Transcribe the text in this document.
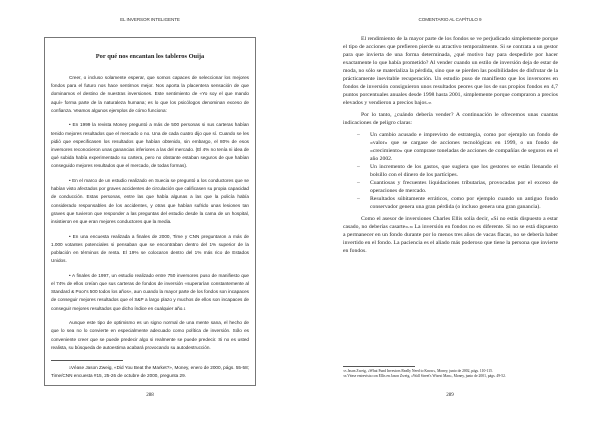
EL INVERSOR INTELIGENTE
Por qué nos encantan los tableros Ouija

Creer, o incluso solamente esperar, que somos capaces de seleccionar los mejores fondos para el futuro nos hace sentirnos mejor. Nos aporta la placentera sensación de que dominamos el destino de nuestras inversiones. Este sentimiento de «Yo soy el que mando aquí» forma parte de la naturaleza humana; es lo que los psicólogos denominan exceso de confianza. Veamos algunos ejemplos de cómo funciona:

• En 1999 la revista Money preguntó a más de 500 personas si sus carteras habían tenido mejores resultados que el mercado o no. Una de cada cuatro dijo que sí. Cuando se les pidió que especificasen los resultados que habían obtenido, sin embargo, el 80% de esos inversores reconocieron unas ganancias inferiores a las del mercado. (El 4% no tenía ni idea de qué subida había experimentado su cartera, pero no obstante estaban seguros de que habían conseguido mejores resultados que el mercado, de todas formas).

• En el marco de un estudio realizado en Suecia se preguntó a los conductores que se habían visto afectados por graves accidentes de circulación que calificasen su propia capacidad de conducción. Estas personas, entre las que había algunas a las que la policía había considerado responsables de los accidentes, y otras que habían sufrido unas lesiones tan graves que tuvieron que responder a las preguntas del estudio desde la cama de un hospital, insistieron en que eran mejores conductores que la media.

• En una encuesta realizada a finales de 2000, Time y CNN preguntaron a más de 1.000 votantes potenciales si pensaban que se encontraban dentro del 1% superior de la población en términos de renta. El 19% se colocaron dentro del 1% más rico de Estados Unidos.

• A finales de 1997, un estudio realizado entre 750 inversores puso de manifiesto que el 74% de ellos creían que sus carteras de fondos de inversión «superarían constantemente al Standard & Poor's 500 todos los años», aun cuando la mayor parte de los fondos son incapaces de conseguir mejores resultados que el S&P a largo plazo y muchos de ellos son incapaces de conseguir mejores resultados que dicho índice en cualquier año.$^1$

Aunque este tipo de optimismo es un signo normal de una mente sana, el hecho de que lo sea no lo convierte en especialmente adecuado como política de inversión. Sólo es conveniente creer que se puede predecir algo si realmente se puede predecir. Si no es usted realista, su búsqueda de autoestima acabará provocando su autodestrucción.

$^1$Véase Jason Zweig, «Did You Beat the Market?», Money, enero de 2000, págs. 55-58; Time/CNN encuesta #15, 25-26 de octubre de 2000, pregunta 29.

288
COMENTARIO AL CAPÍTULO 9

El rendimiento de la mayor parte de los fondos se ve perjudicado simplemente porque el tipo de acciones que prefieren pierde su atractivo temporalmente. Si se contrata a un gestor para que invierta de una forma determinada, ¿qué motivo hay para despedirle por hacer exactamente lo que había prometido? Al vender cuando un estilo de inversión deja de estar de moda, no sólo se materializa la pérdida, sino que se pierden las posibilidades de disfrutar de la prácticamente inevitable recuperación. Un estudio puso de manifiesto que los inversores en fondos de inversión consiguieron unos resultados peores que los de sus propios fondos en 4,7 puntos porcentuales anuales desde 1998 hasta 2001, simplemente porque compraron a precios elevados y vendieron a precios bajos.$^{35}$

Por lo tanto, ¿cuándo debería vender? A continuación le ofrecemos unas cuantas indicaciones de peligro claras:

– Un cambio acusado e imprevisto de estrategia, como por ejemplo un fondo de «valor» que se cargase de acciones tecnológicas en 1999, o un fondo de «crecimiento» que comprase toneladas de acciones de compañías de seguros en el año 2002.
– Un incremento de los gastos, que sugiera que los gestores se están llenando el bolsillo con el dinero de los partícipes.
– Cuantiosas y frecuentes liquidaciones tributarias, provocadas por el exceso de operaciones de mercado.
– Resultados súbitamente erráticos, como por ejemplo cuando un antiguo fondo conservador genera una gran pérdida (o incluso genera una gran ganancia).

Como el asesor de inversiones Charles Ellis solía decir, «Si no estás dispuesto a estar casado, no deberías casarte».$^{36}$ La inversión en fondos no es diferente. Si no se está dispuesto a permanecer en un fondo durante por lo menos tres años de vacas flacas, no se debería haber invertido en el fondo. La paciencia es el aliado más poderoso que tiene la persona que invierte en fondos.

$^{35}$ Jason Zweig, «What Fund Investors Really Need to Know», Money, junio de 2002, págs. 110-115.

$^{36}$ Véase entrevista con Ellis en Jason Zweig, «Wall Street's Wisest Man», Money, junio de 2001, págs. 49-52.

289
